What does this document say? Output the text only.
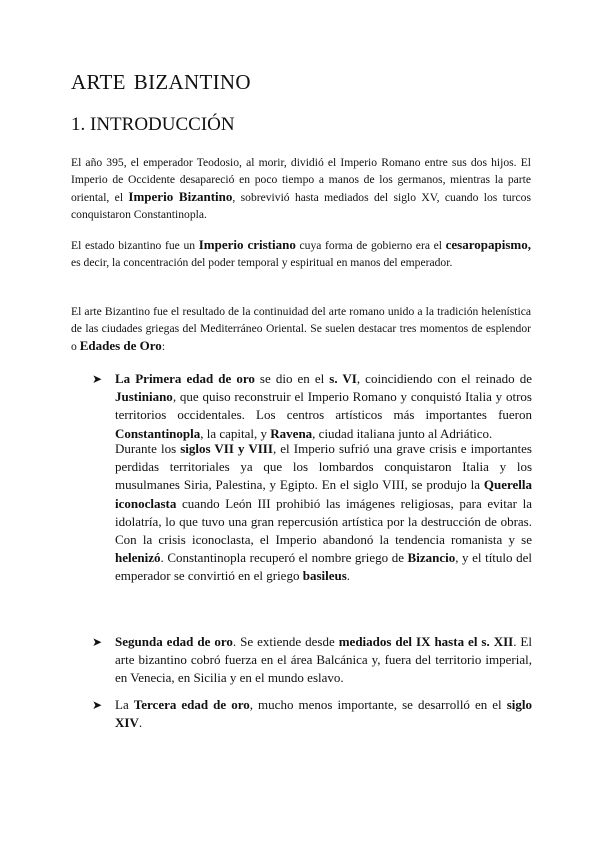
ARTE BIZANTINO
1. INTRODUCCIÓN

El año 395, el emperador Teodosio, al morir, dividió el Imperio Romano entre sus dos hijos. El Imperio de Occidente desapareció en poco tiempo a manos de los germanos, mientras la parte oriental, el Imperio Bizantino, sobrevivió hasta mediados del siglo XV, cuando los turcos conquistaron Constantinopla.

El estado bizantino fue un Imperio cristiano cuya forma de gobierno era el cesaropapismo, es decir, la concentración del poder temporal y espiritual en manos del emperador.

El arte Bizantino fue el resultado de la continuidad del arte romano unido a la tradición helenística de las ciudades griegas del Mediterráneo Oriental. Se suelen destacar tres momentos de esplendor o Edades de Oro:

➤ La Primera edad de oro se dio en el s. VI, coincidiendo con el reinado de Justiniano, que quiso reconstruir el Imperio Romano y conquistó Italia y otros territorios occidentales. Los centros artísticos más importantes fueron Constantinopla, la capital, y Ravena, ciudad italiana junto al Adriático.

Durante los siglos VII y VIII, el Imperio sufrió una grave crisis e importantes perdidas territoriales ya que los lombardos conquistaron Italia y los musulmanes Siria, Palestina, y Egipto. En el siglo VIII, se produjo la Querella iconoclasta cuando León III prohibió las imágenes religiosas, para evitar la idolatría, lo que tuvo una gran repercusión artística por la destrucción de obras. Con la crisis iconoclasta, el Imperio abandonó la tendencia romanista y se helenizó. Constantinopla recuperó el nombre griego de Bizancio, y el título del emperador se convirtió en el griego basileus.

➤ Segunda edad de oro. Se extiende desde mediados del IX hasta el s. XII. El arte bizantino cobró fuerza en el área Balcánica y, fuera del territorio imperial, en Venecia, en Sicilia y en el mundo eslavo.

➤ La Tercera edad de oro, mucho menos importante, se desarrolló en el siglo XIV.
